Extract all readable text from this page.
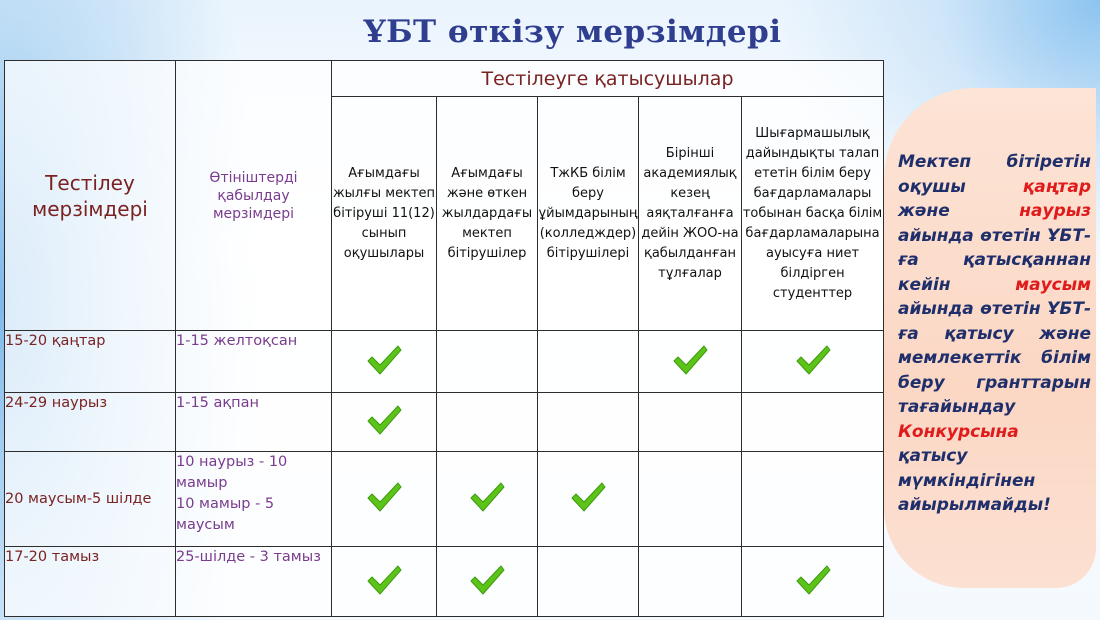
ҰБТ өткізу мерзімдері
Тестілеу мерзімдері	Өтініштерді қабылдау мерзімдері	Тестілеуге қатысушылар				
		Ағымдағы жылғы мектеп бітіруші 11(12) сынып оқушылары	Ағымдағы және өткен жылдардағы мектеп бітірушілер	ТжКБ білім беру ұйымдарының (колледждер) бітірушілері	Бірінші академиялық кезең аяқталғанға дейін ЖОО-на қабылданған тұлғалар	Шығармашылық дайындықты талап ететін білім беру бағдарламалары тобынан басқа білім бағдарламаларына ауысуға ниет білдірген студенттер
15-20 қаңтар	1-15 желтоқсан

24-29 наурыз	1-15 ақпан

20 маусым-5 шілде	10 наурыз - 10 мамыр
10 мамыр - 5 маусым

17-20 тамыз	25-шілде - 3 тамыз

Мектеп бітіретін оқушы қаңтар және наурыз айында өтетін ҰБТ-ға қатысқаннан кейін маусым айында өтетін ҰБТ-ға қатысу және мемлекеттік білім беру гранттарын тағайындау Конкурсына қатысу мүмкіндігінен айырылмайды!
